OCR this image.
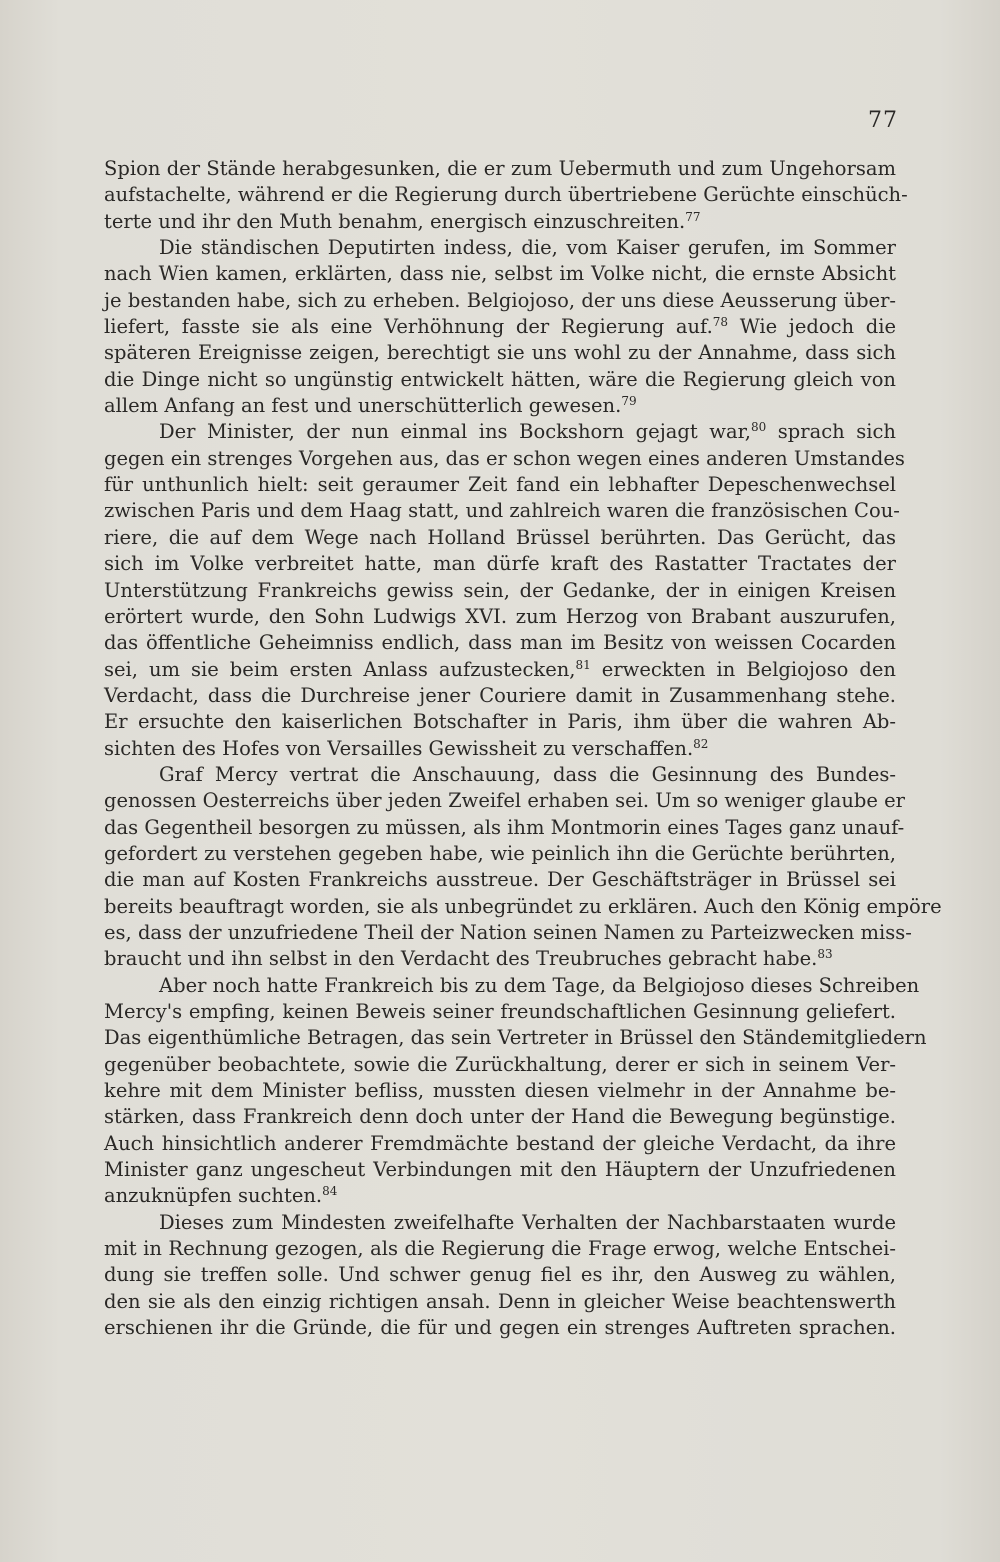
77
Spion der Stände herabgesunken, die er zum Uebermuth und zum Ungehorsam
aufstachelte, während er die Regierung durch übertriebene Gerüchte einschüch-
terte und ihr den Muth benahm, energisch einzuschreiten.$^{77}$
Die ständischen Deputirten indess, die, vom Kaiser gerufen, im Sommer
nach Wien kamen, erklärten, dass nie, selbst im Volke nicht, die ernste Absicht
je bestanden habe, sich zu erheben. Belgiojoso, der uns diese Aeusserung über-
liefert, fasste sie als eine Verhöhnung der Regierung auf.$^{78}$ Wie jedoch die
späteren Ereignisse zeigen, berechtigt sie uns wohl zu der Annahme, dass sich
die Dinge nicht so ungünstig entwickelt hätten, wäre die Regierung gleich von
allem Anfang an fest und unerschütterlich gewesen.$^{79}$
Der Minister, der nun einmal ins Bockshorn gejagt war,$^{80}$ sprach sich
gegen ein strenges Vorgehen aus, das er schon wegen eines anderen Umstandes
für unthunlich hielt: seit geraumer Zeit fand ein lebhafter Depeschenwechsel
zwischen Paris und dem Haag statt, und zahlreich waren die französischen Cou-
riere, die auf dem Wege nach Holland Brüssel berührten. Das Gerücht, das
sich im Volke verbreitet hatte, man dürfe kraft des Rastatter Tractates der
Unterstützung Frankreichs gewiss sein, der Gedanke, der in einigen Kreisen
erörtert wurde, den Sohn Ludwigs XVI. zum Herzog von Brabant auszurufen,
das öffentliche Geheimniss endlich, dass man im Besitz von weissen Cocarden
sei, um sie beim ersten Anlass aufzustecken,$^{81}$ erweckten in Belgiojoso den
Verdacht, dass die Durchreise jener Couriere damit in Zusammenhang stehe.
Er ersuchte den kaiserlichen Botschafter in Paris, ihm über die wahren Ab-
sichten des Hofes von Versailles Gewissheit zu verschaffen.$^{82}$
Graf Mercy vertrat die Anschauung, dass die Gesinnung des Bundes-
genossen Oesterreichs über jeden Zweifel erhaben sei. Um so weniger glaube er
das Gegentheil besorgen zu müssen, als ihm Montmorin eines Tages ganz unauf-
gefordert zu verstehen gegeben habe, wie peinlich ihn die Gerüchte berührten,
die man auf Kosten Frankreichs ausstreue. Der Geschäftsträger in Brüssel sei
bereits beauftragt worden, sie als unbegründet zu erklären. Auch den König empöre
es, dass der unzufriedene Theil der Nation seinen Namen zu Parteizwecken miss-
braucht und ihn selbst in den Verdacht des Treubruches gebracht habe.$^{83}$
Aber noch hatte Frankreich bis zu dem Tage, da Belgiojoso dieses Schreiben
Mercy's empfing, keinen Beweis seiner freundschaftlichen Gesinnung geliefert.
Das eigenthümliche Betragen, das sein Vertreter in Brüssel den Ständemitgliedern
gegenüber beobachtete, sowie die Zurückhaltung, derer er sich in seinem Ver-
kehre mit dem Minister befliss, mussten diesen vielmehr in der Annahme be-
stärken, dass Frankreich denn doch unter der Hand die Bewegung begünstige.
Auch hinsichtlich anderer Fremdmächte bestand der gleiche Verdacht, da ihre
Minister ganz ungescheut Verbindungen mit den Häuptern der Unzufriedenen
anzuknüpfen suchten.$^{84}$
Dieses zum Mindesten zweifelhafte Verhalten der Nachbarstaaten wurde
mit in Rechnung gezogen, als die Regierung die Frage erwog, welche Entschei-
dung sie treffen solle. Und schwer genug fiel es ihr, den Ausweg zu wählen,
den sie als den einzig richtigen ansah. Denn in gleicher Weise beachtenswerth
erschienen ihr die Gründe, die für und gegen ein strenges Auftreten sprachen.
